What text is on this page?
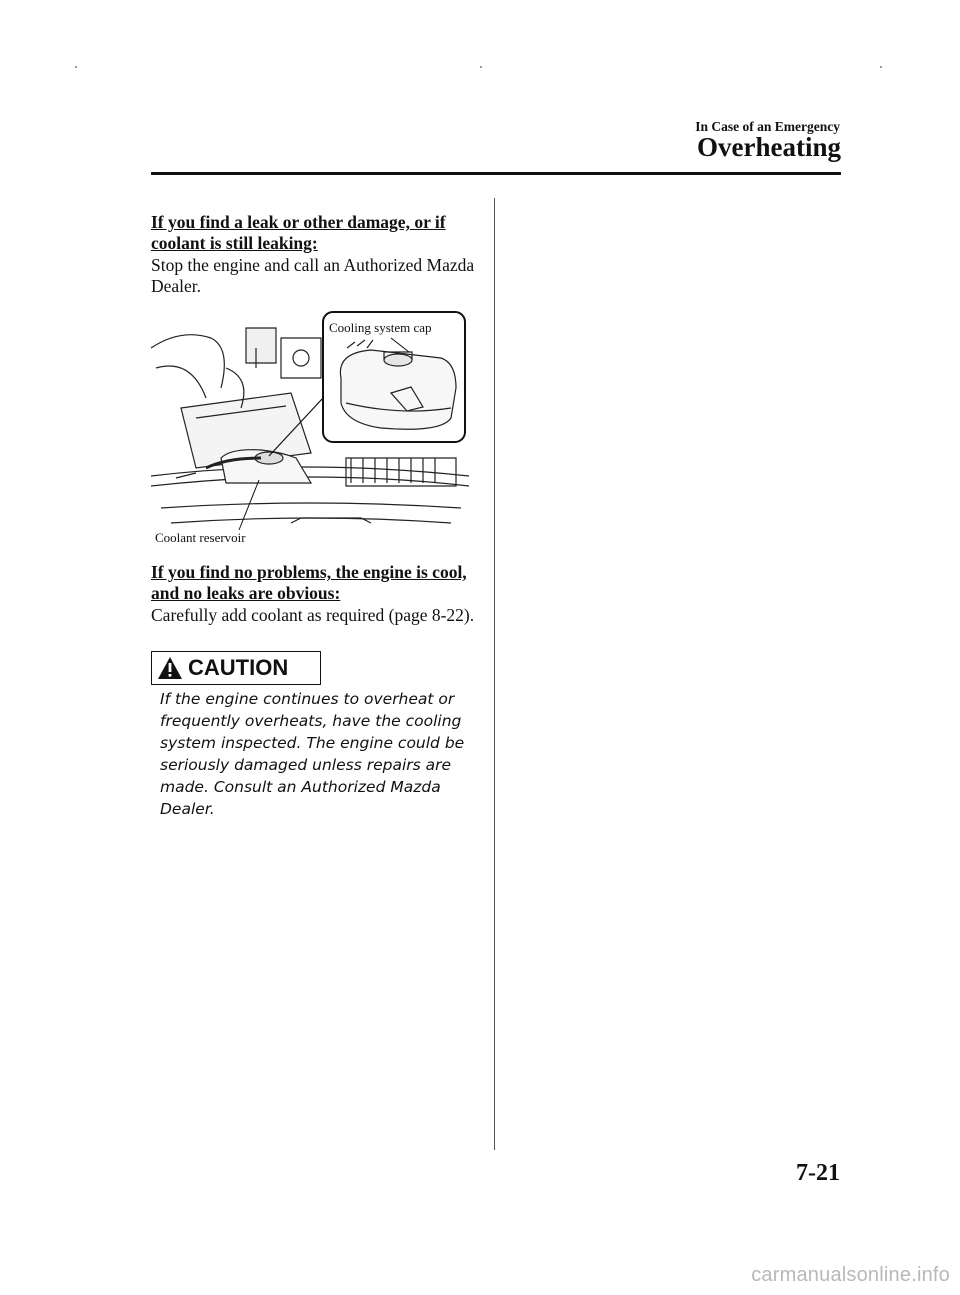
In Case of an Emergency
Overheating
If you find a leak or other damage, or if coolant is still leaking:
Stop the engine and call an Authorized Mazda Dealer.
Cooling system cap
Coolant reservoir
If you find no problems, the engine is cool, and no leaks are obvious:
Carefully add coolant as required (page 8-22).
CAUTION
If the engine continues to overheat or frequently overheats, have the cooling system inspected. The engine could be seriously damaged unless repairs are made. Consult an Authorized Mazda Dealer.
7-21
carmanualsonline.info
